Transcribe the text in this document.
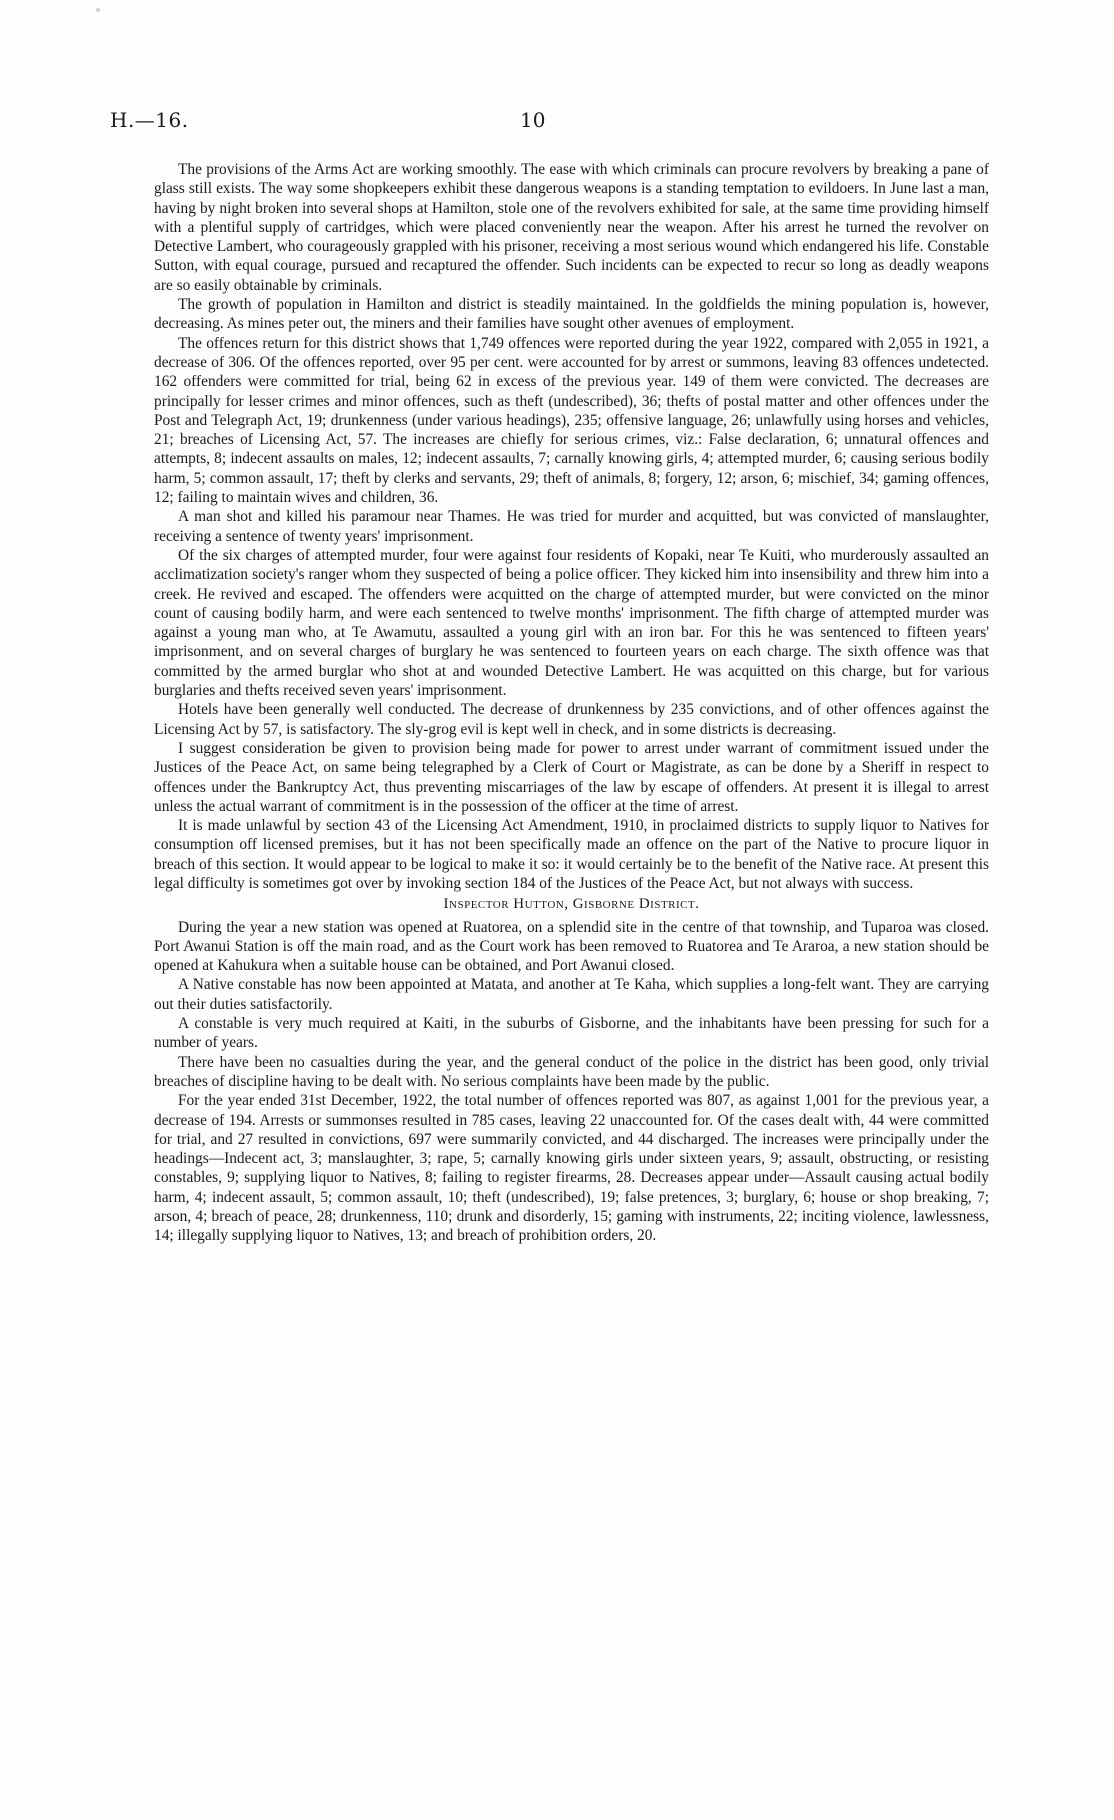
H.—16.	10

The provisions of the Arms Act are working smoothly. The ease with which criminals can procure revolvers by breaking a pane of glass still exists. The way some shopkeepers exhibit these dangerous weapons is a standing temptation to evildoers. In June last a man, having by night broken into several shops at Hamilton, stole one of the revolvers exhibited for sale, at the same time providing himself with a plentiful supply of cartridges, which were placed conveniently near the weapon. After his arrest he turned the revolver on Detective Lambert, who courageously grappled with his prisoner, receiving a most serious wound which endangered his life. Constable Sutton, with equal courage, pursued and recaptured the offender. Such incidents can be expected to recur so long as deadly weapons are so easily obtainable by criminals.

The growth of population in Hamilton and district is steadily maintained. In the goldfields the mining population is, however, decreasing. As mines peter out, the miners and their families have sought other avenues of employment.

The offences return for this district shows that 1,749 offences were reported during the year 1922, compared with 2,055 in 1921, a decrease of 306. Of the offences reported, over 95 per cent. were accounted for by arrest or summons, leaving 83 offences undetected. 162 offenders were committed for trial, being 62 in excess of the previous year. 149 of them were convicted. The decreases are principally for lesser crimes and minor offences, such as theft (undescribed), 36; thefts of postal matter and other offences under the Post and Telegraph Act, 19; drunkenness (under various headings), 235; offensive language, 26; unlawfully using horses and vehicles, 21; breaches of Licensing Act, 57. The increases are chiefly for serious crimes, viz.: False declaration, 6; unnatural offences and attempts, 8; indecent assaults on males, 12; indecent assaults, 7; carnally knowing girls, 4; attempted murder, 6; causing serious bodily harm, 5; common assault, 17; theft by clerks and servants, 29; theft of animals, 8; forgery, 12; arson, 6; mischief, 34; gaming offences, 12; failing to maintain wives and children, 36.

A man shot and killed his paramour near Thames. He was tried for murder and acquitted, but was convicted of manslaughter, receiving a sentence of twenty years' imprisonment.

Of the six charges of attempted murder, four were against four residents of Kopaki, near Te Kuiti, who murderously assaulted an acclimatization society's ranger whom they suspected of being a police officer. They kicked him into insensibility and threw him into a creek. He revived and escaped. The offenders were acquitted on the charge of attempted murder, but were convicted on the minor count of causing bodily harm, and were each sentenced to twelve months' imprisonment. The fifth charge of attempted murder was against a young man who, at Te Awamutu, assaulted a young girl with an iron bar. For this he was sentenced to fifteen years' imprisonment, and on several charges of burglary he was sentenced to fourteen years on each charge. The sixth offence was that committed by the armed burglar who shot at and wounded Detective Lambert. He was acquitted on this charge, but for various burglaries and thefts received seven years' imprisonment.

Hotels have been generally well conducted. The decrease of drunkenness by 235 convictions, and of other offences against the Licensing Act by 57, is satisfactory. The sly-grog evil is kept well in check, and in some districts is decreasing.

I suggest consideration be given to provision being made for power to arrest under warrant of commitment issued under the Justices of the Peace Act, on same being telegraphed by a Clerk of Court or Magistrate, as can be done by a Sheriff in respect to offences under the Bankruptcy Act, thus preventing miscarriages of the law by escape of offenders. At present it is illegal to arrest unless the actual warrant of commitment is in the possession of the officer at the time of arrest.

It is made unlawful by section 43 of the Licensing Act Amendment, 1910, in proclaimed districts to supply liquor to Natives for consumption off licensed premises, but it has not been specifically made an offence on the part of the Native to procure liquor in breach of this section. It would appear to be logical to make it so: it would certainly be to the benefit of the Native race. At present this legal difficulty is sometimes got over by invoking section 184 of the Justices of the Peace Act, but not always with success.

Inspector Hutton, Gisborne District.

During the year a new station was opened at Ruatorea, on a splendid site in the centre of that township, and Tuparoa was closed. Port Awanui Station is off the main road, and as the Court work has been removed to Ruatorea and Te Araroa, a new station should be opened at Kahukura when a suitable house can be obtained, and Port Awanui closed.

A Native constable has now been appointed at Matata, and another at Te Kaha, which supplies a long-felt want. They are carrying out their duties satisfactorily.

A constable is very much required at Kaiti, in the suburbs of Gisborne, and the inhabitants have been pressing for such for a number of years.

There have been no casualties during the year, and the general conduct of the police in the district has been good, only trivial breaches of discipline having to be dealt with. No serious complaints have been made by the public.

For the year ended 31st December, 1922, the total number of offences reported was 807, as against 1,001 for the previous year, a decrease of 194. Arrests or summonses resulted in 785 cases, leaving 22 unaccounted for. Of the cases dealt with, 44 were committed for trial, and 27 resulted in convictions, 697 were summarily convicted, and 44 discharged. The increases were principally under the headings—Indecent act, 3; manslaughter, 3; rape, 5; carnally knowing girls under sixteen years, 9; assault, obstructing, or resisting constables, 9; supplying liquor to Natives, 8; failing to register firearms, 28. Decreases appear under—Assault causing actual bodily harm, 4; indecent assault, 5; common assault, 10; theft (undescribed), 19; false pretences, 3; burglary, 6; house or shop breaking, 7; arson, 4; breach of peace, 28; drunkenness, 110; drunk and disorderly, 15; gaming with instruments, 22; inciting violence, lawlessness, 14; illegally supplying liquor to Natives, 13; and breach of prohibition orders, 20.
